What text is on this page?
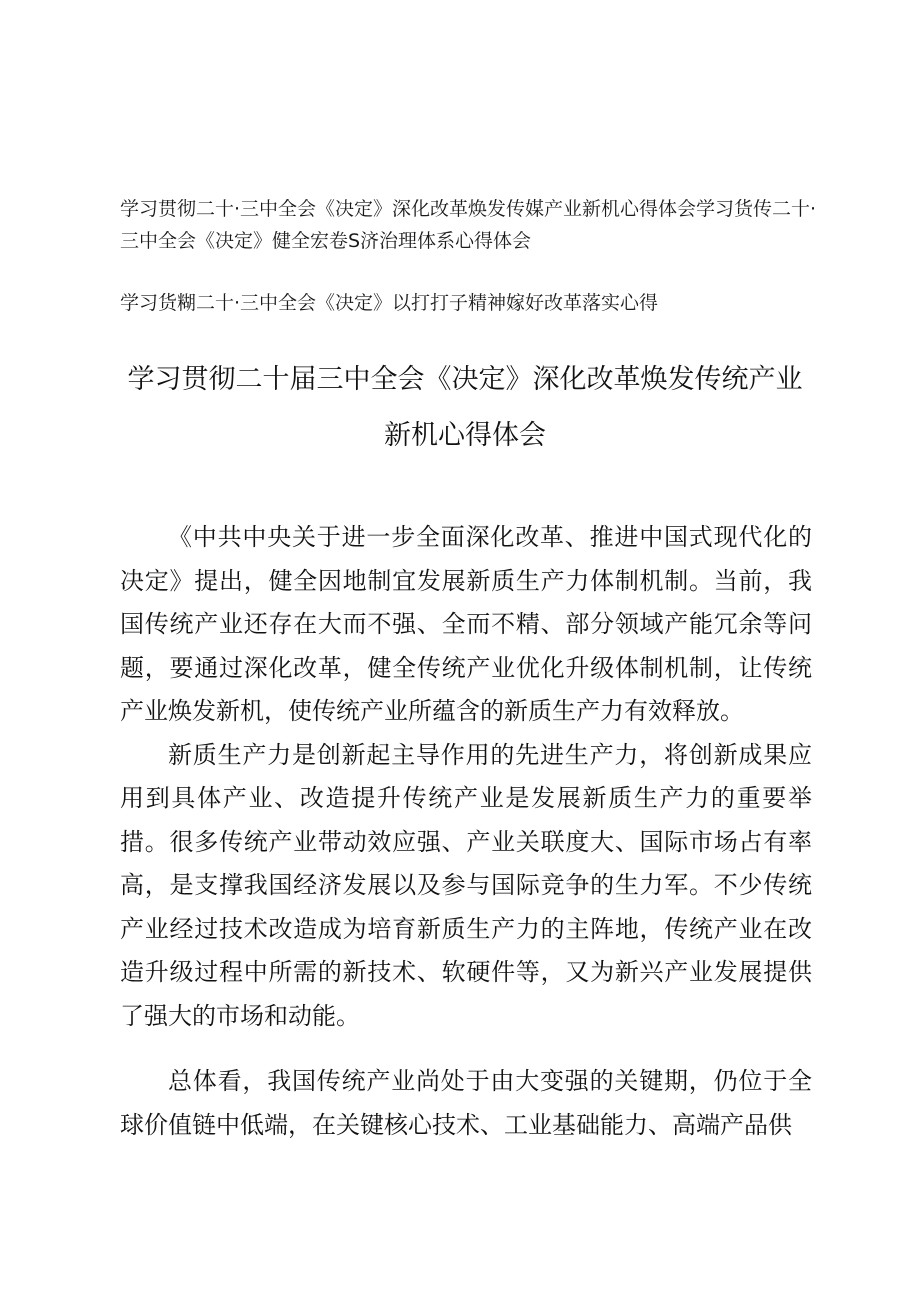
学习贯彻二十·三中全会《决定》深化改革焕发传媒产业新机心得体会学习货传二十·三中全会《决定》健全宏卷S济治理体系心得体会
学习货糊二十·三中全会《决定》以打打子精神嫁好改革落实心得
学习贯彻二十届三中全会《决定》深化改革焕发传统产业新机心得体会

《中共中央关于进一步全面深化改革、推进中国式现代化的决定》提出，健全因地制宜发展新质生产力体制机制。当前，我国传统产业还存在大而不强、全而不精、部分领域产能冗余等问题，要通过深化改革，健全传统产业优化升级体制机制，让传统产业焕发新机，使传统产业所蕴含的新质生产力有效释放。

新质生产力是创新起主导作用的先进生产力，将创新成果应用到具体产业、改造提升传统产业是发展新质生产力的重要举措。很多传统产业带动效应强、产业关联度大、国际市场占有率高，是支撑我国经济发展以及参与国际竞争的生力军。不少传统产业经过技术改造成为培育新质生产力的主阵地，传统产业在改造升级过程中所需的新技术、软硬件等，又为新兴产业发展提供了强大的市场和动能。

总体看，我国传统产业尚处于由大变强的关键期，仍位于全球价值链中低端，在关键核心技术、工业基础能力、高端产品供
